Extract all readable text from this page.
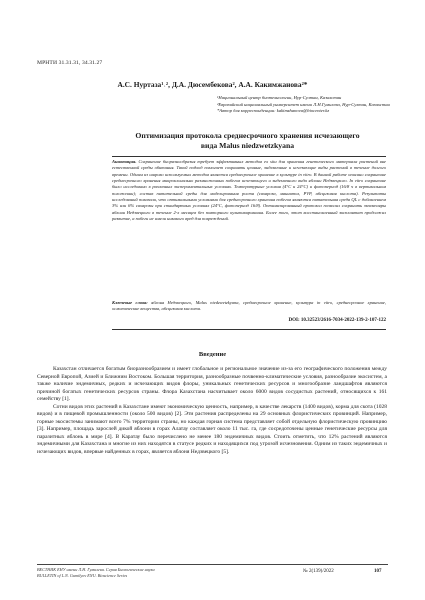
МРНТИ 31.31.31, 34.31.27
А.С. Нуртаза¹˒², Д.А. Дюсембекова², А.А. Какимжанова²*
¹Национальный центр биотехнологии, Нур-Султан, Казахстан
²Евразийский национальный университет имени Л.Н.Гумилева, Нур-Султан, Казахстан
*Автор для корреспонденции: kakimzhanova@biocenter.kz
Оптимизация протокола среднесрочного хранения исчезающего
вида Malus niedzwetzkyana
Аннотация. Сохранение биоразнообразия требует эффективных методов ex situ для хранения генетического материала растений вне естественной среды обитания. Такой подход помогает сохранять ценные, эндемичные и исчезающие виды растений в течение долгого времени. Одним из широко используемых методов является среднесрочное хранение в культуре in vitro. В данной работе описано сохранение среднесрочного хранения микроклонально размноженных побегов исчезающего и эндемичного вида яблони Недзвецкого. In vitro сохранение было исследовано в различных экспериментальных условиях. Температурные условия (4°C и 24°C) и фотопериод (16/8 ч в вертикальном положении); состав питательной среды для моделирования роста (сахароза, маннитол, PVP, абсцизовая кислота). Результаты исследований показали, что оптимальными условиями для среднесрочного хранения побегов являются питательная среда QL с добавлением 3% или 6% сахарозы при стандартных условиях (24°C, фотопериод 16/8). Оптимизированный протокол позволил сохранить экземпляры яблони Недзвецкого в течение 2-х месяцев без повторного культивирования. Более того, этот восстановленный эксплантат продолжил развитие, а побеги не имели никакого вред для повреждений.
Ключевые слова: яблоня Недзвецкого, Malus niedzwetzkyana, среднесрочное хранение, культура in vitro, среднесрочное хранение, осмотические вещества, абсцизовая кислота.
DOI: 10.32523/2616-7034-2022-139-2-107-122
Введение

Казахстан отличается богатым биоразнообразием и имеет глобальное и региональное значение из-за его географического положения между Северной Европой, Азией и Ближним Востоком. Большая территория, разнообразные почвенно-климатические условия, разнообразие экосистем, а также наличие эндемичных, редких и исчезающих видов флоры, уникальных генетических ресурсов и многообразие ландшафтов являются причиной богатых генетических ресурсов страны. Флора Казахстана насчитывает около 6000 видов сосудистых растений, относящихся к 161 семейству [1].

Сотни видов этих растений в Казахстане имеют экономическую ценность, например, в качестве лекарств (1400 видов), корма для скота (1028 видов) и в пищевой промышленности (около 500 видов) [2]. Эти растения распределены на 29 основных флористических провинций. Например, горные экосистемы занимают всего 7% территории страны, но каждая горная система представляет собой отдельную флористическую провинцию [3]. Например, площадь зарослей дикой яблони в горах Алатау составляет около 11 тыс. га, где сосредоточены ценные генетические ресурсы для паразитных яблонь в мире [4]. В Каратау было перечислено не менее 180 эндемичных видов. Стоить отметить, что 12% растений являются эндемичными для Казахстана и многие из них находятся в статусе редких и находящихся под угрозой исчезновения. Одним из таких эндемичных и исчезающих видов, впервые найденных в горах, является яблоня Недзвецкого [5].

ВЕСТНИК ЕНУ имени Л.Н. Гумилева. Серия Биологические науки
BULLETIN of L.N. Gumilyov ENU. Bioscience Series
№ 2(139)/2022	107
